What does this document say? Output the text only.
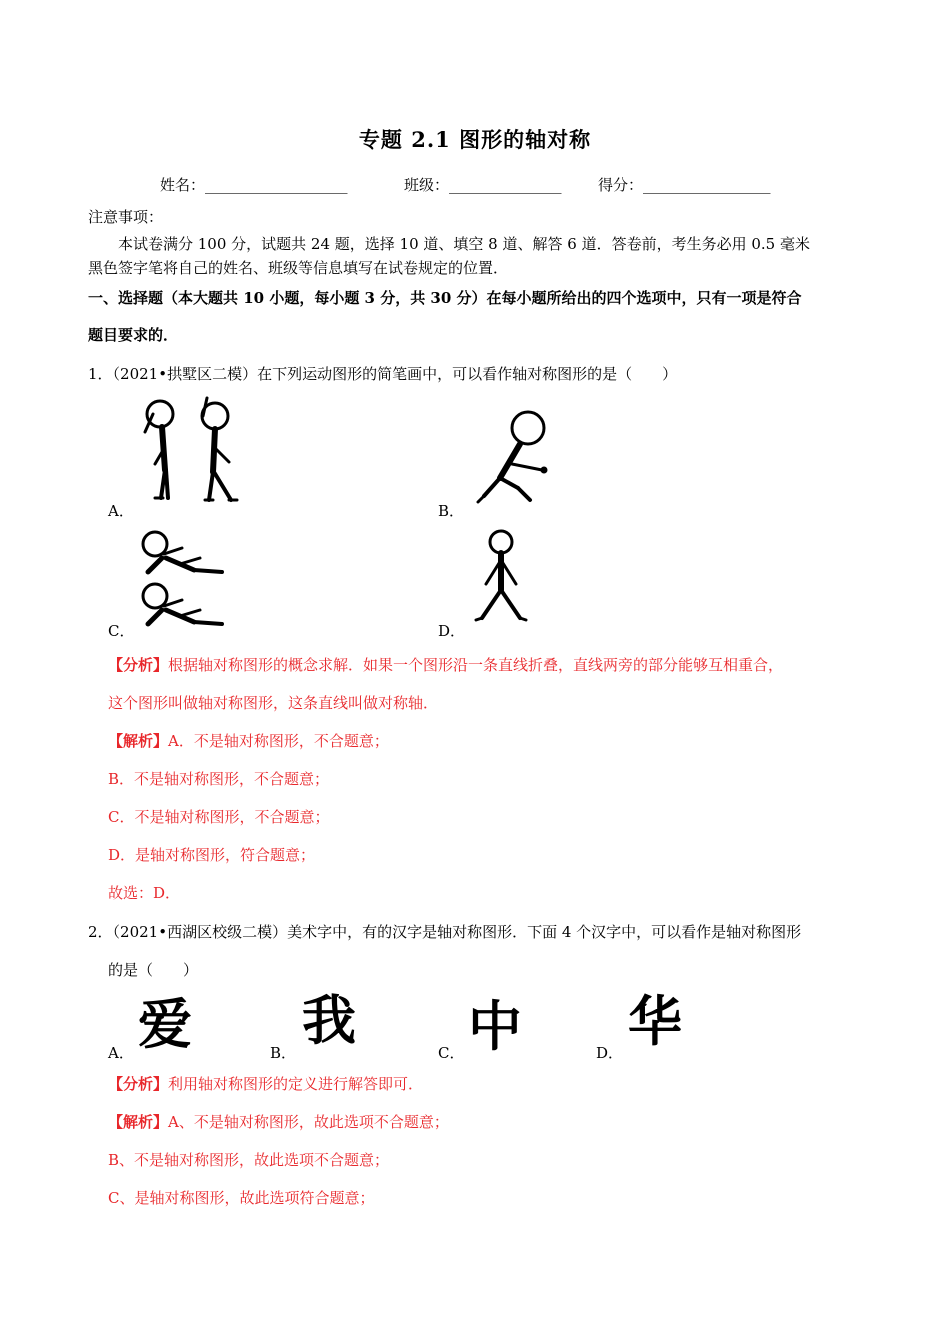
专题 2.1 图形的轴对称
姓名：___________________	班级：_______________ 得分：_________________
注意事项：
本试卷满分 100 分，试题共 24 题，选择 10 道、填空 8 道、解答 6 道．答卷前，考生务必用 0.5 毫米
黑色签字笔将自己的姓名、班级等信息填写在试卷规定的位置．
一、选择题（本大题共 10 小题，每小题 3 分，共 30 分）在每小题所给出的四个选项中，只有一项是符合
题目要求的．
1．（2021•拱墅区二模）在下列运动图形的简笔画中，可以看作轴对称图形的是（　　）
A．	B．
C．	D．
【分析】根据轴对称图形的概念求解．如果一个图形沿一条直线折叠，直线两旁的部分能够互相重合，
这个图形叫做轴对称图形，这条直线叫做对称轴．
【解析】A．不是轴对称图形，不合题意；
B．不是轴对称图形，不合题意；
C．不是轴对称图形，不合题意；
D．是轴对称图形，符合题意；
故选：D．
2．（2021•西湖区校级二模）美术字中，有的汉字是轴对称图形．下面 4 个汉字中，可以看作是轴对称图形
的是（　　）
A． 爱	B．
我
C． 中	D． 华
【分析】利用轴对称图形的定义进行解答即可．
【解析】A、不是轴对称图形，故此选项不合题意；
B、不是轴对称图形，故此选项不合题意；
C、是轴对称图形，故此选项符合题意；
